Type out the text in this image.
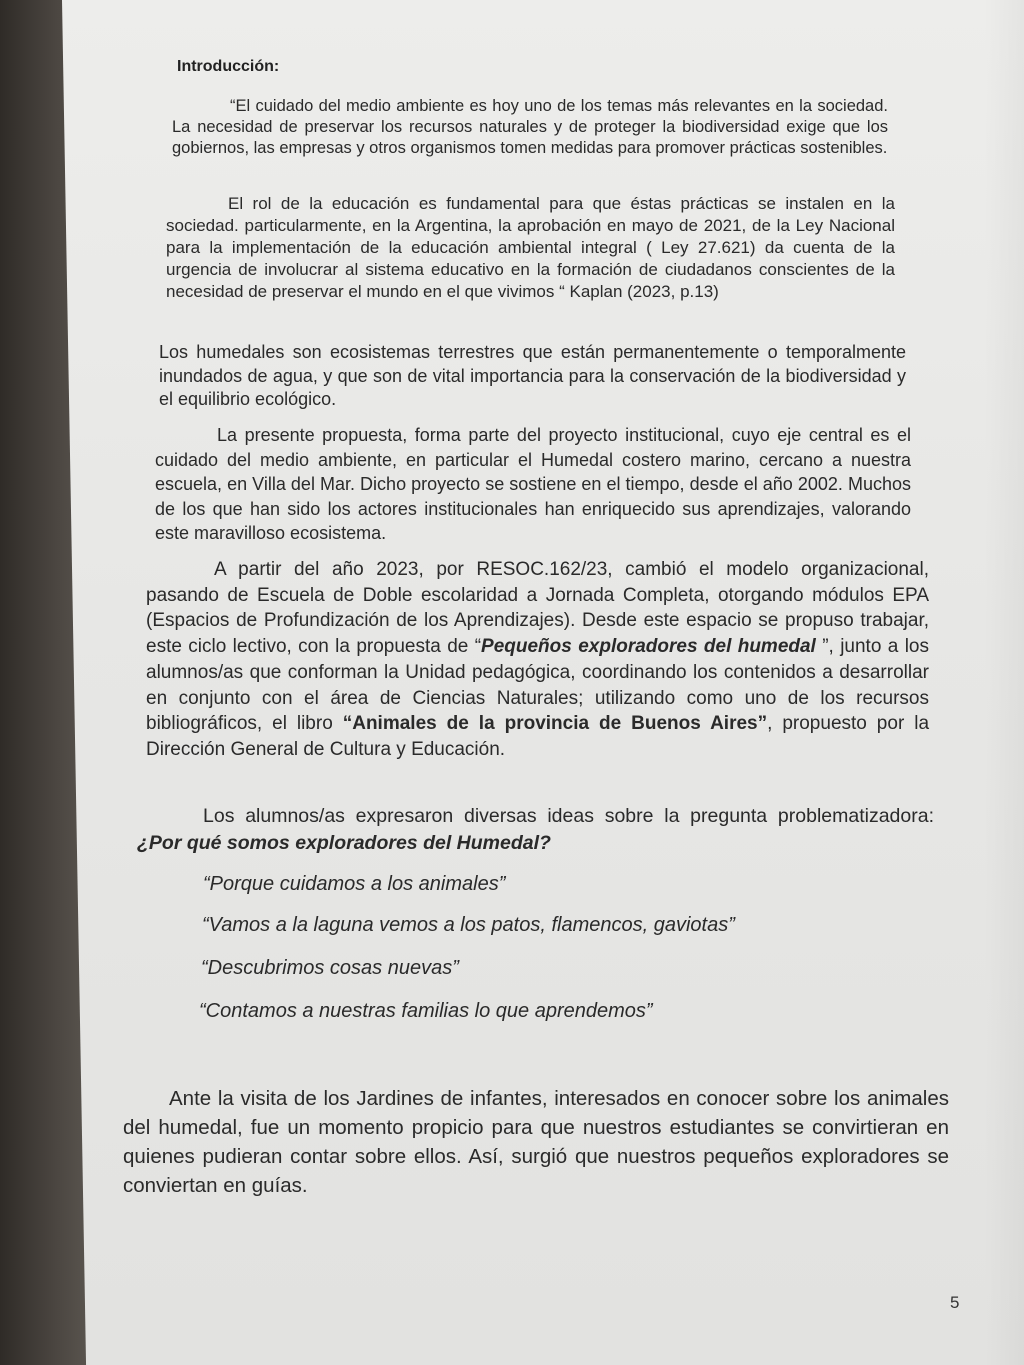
Introducción:

“El cuidado del medio ambiente es hoy uno de los temas más relevantes en la sociedad. La necesidad de preservar los recursos naturales y de proteger la biodiversidad exige que los gobiernos, las empresas y otros organismos tomen medidas para promover prácticas sostenibles.

El rol de la educación es fundamental para que éstas prácticas se instalen en la sociedad. particularmente, en la Argentina, la aprobación en mayo de 2021, de la Ley Nacional para la implementación de la educación ambiental integral ( Ley 27.621) da cuenta de la urgencia de involucrar al sistema educativo en la formación de ciudadanos conscientes de la necesidad de preservar el mundo en el que vivimos “ Kaplan (2023, p.13)

Los humedales son ecosistemas terrestres que están permanentemente o temporalmente inundados de agua, y que son de vital importancia para la conservación de la biodiversidad y el equilibrio ecológico.

La presente propuesta, forma parte del proyecto institucional, cuyo eje central es el cuidado del medio ambiente, en particular el Humedal costero marino, cercano a nuestra escuela, en Villa del Mar. Dicho proyecto se sostiene en el tiempo, desde el año 2002. Muchos de los que han sido los actores institucionales han enriquecido sus aprendizajes, valorando este maravilloso ecosistema.

A partir del año 2023, por RESOC.162/23, cambió el modelo organizacional, pasando de Escuela de Doble escolaridad a Jornada Completa, otorgando módulos EPA (Espacios de Profundización de los Aprendizajes). Desde este espacio se propuso trabajar, este ciclo lectivo, con la propuesta de “Pequeños exploradores del humedal ”, junto a los alumnos/as que conforman la Unidad pedagógica, coordinando los contenidos a desarrollar en conjunto con el área de Ciencias Naturales; utilizando como uno de los recursos bibliográficos, el libro “Animales de la provincia de Buenos Aires”, propuesto por la Dirección General de Cultura y Educación.

Los alumnos/as expresaron diversas ideas sobre la pregunta problematizadora: ¿Por qué somos exploradores del Humedal?

“Porque cuidamos a los animales”

“Vamos a la laguna vemos a los patos, flamencos, gaviotas”

“Descubrimos cosas nuevas”

“Contamos a nuestras familias lo que aprendemos”

Ante la visita de los Jardines de infantes, interesados en conocer sobre los animales del humedal, fue un momento propicio para que nuestros estudiantes se convirtieran en quienes pudieran contar sobre ellos. Así, surgió que nuestros pequeños exploradores se conviertan en guías.

5
